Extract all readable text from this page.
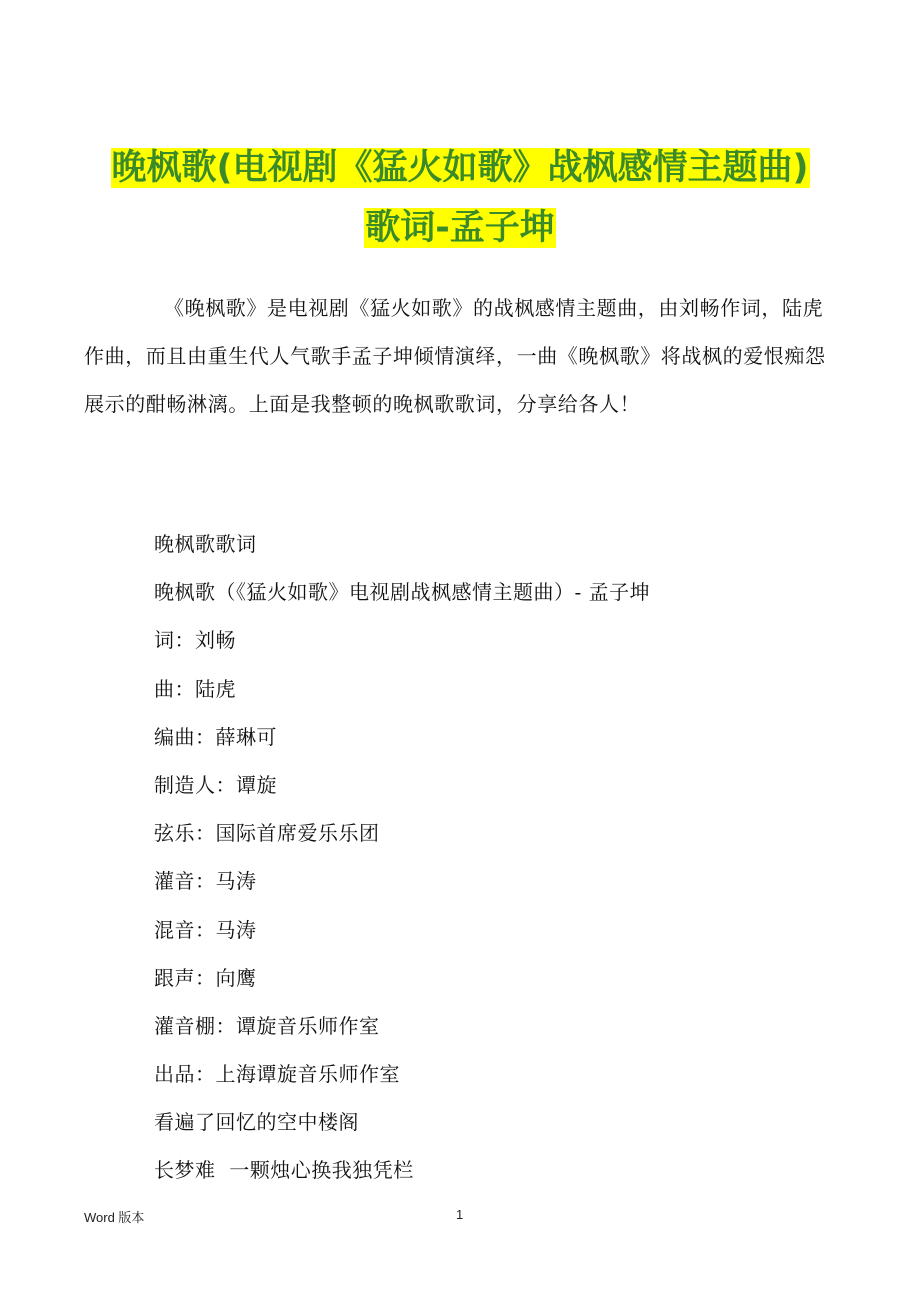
晚枫歌(电视剧《猛火如歌》战枫感情主题曲)
歌词-孟子坤

《晚枫歌》是电视剧《猛火如歌》的战枫感情主题曲，由刘畅作词，陆虎作曲，而且由重生代人气歌手孟子坤倾情演绎，一曲《晚枫歌》将战枫的爱恨痴怨展示的酣畅淋漓。上面是我整顿的晚枫歌歌词，分享给各人！

晚枫歌歌词
晚枫歌（《猛火如歌》电视剧战枫感情主题曲）- 孟子坤
词：刘畅
曲：陆虎
编曲：薛琳可
制造人：谭旋
弦乐：国际首席爱乐乐团
灌音：马涛
混音：马涛
跟声：向鹰
灌音棚：谭旋音乐师作室
出品：上海谭旋音乐师作室
看遍了回忆的空中楼阁
长梦难  一颗烛心换我独凭栏
Word 版本	1
